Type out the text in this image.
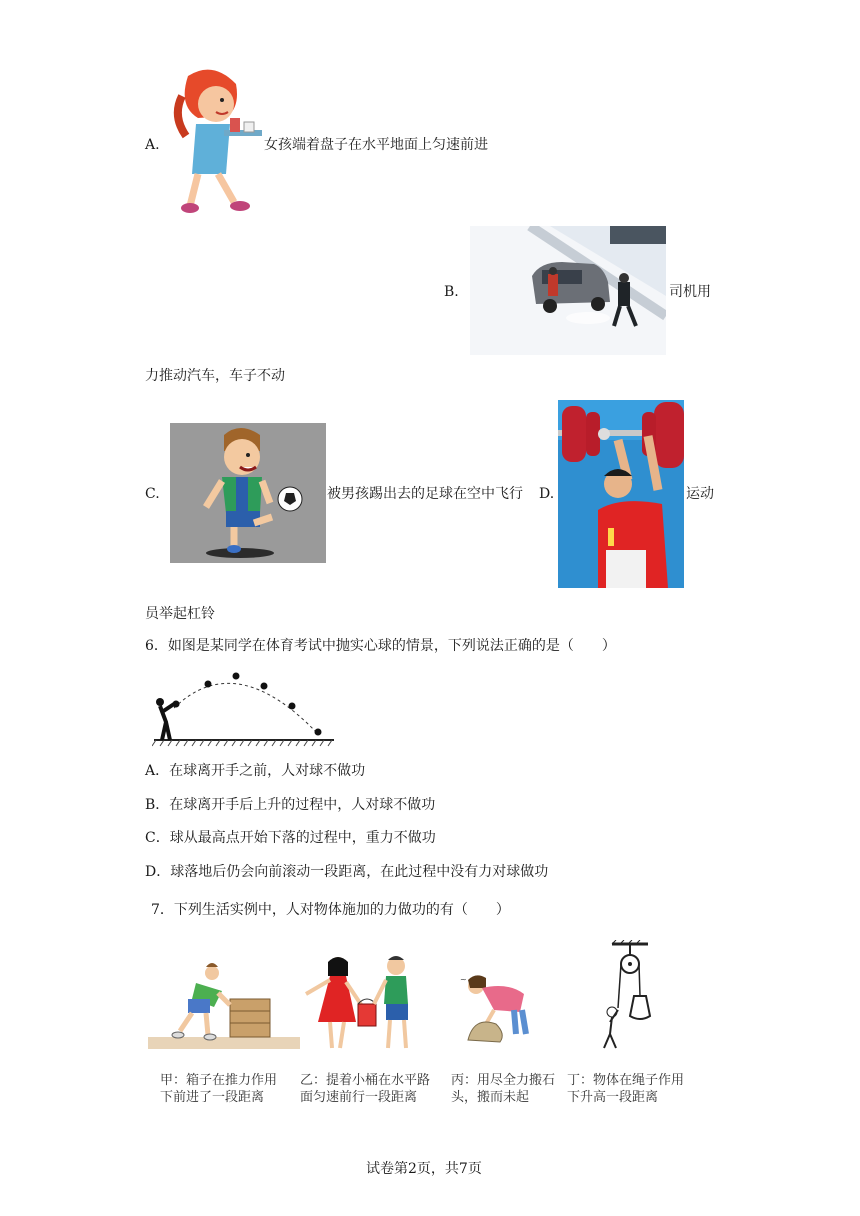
A.	女孩端着盘子在水平地面上匀速前进
B.	司机用
力推动汽车，车子不动
C.	被男孩踢出去的足球在空中飞行 D.	运动
员举起杠铃
6．如图是某同学在体育考试中抛实心球的情景，下列说法正确的是（　　）
A．在球离开手之前，人对球不做功
B．在球离开手后上升的过程中，人对球不做功
C．球从最高点开始下落的过程中，重力不做功
D．球落地后仍会向前滚动一段距离，在此过程中没有力对球做功
7．下列生活实例中，人对物体施加的力做功的有（　　）
~
甲：箱子在推力作用
下前进了一段距离
乙：提着小桶在水平路
面匀速前行一段距离
丙：用尽全力搬石
头，搬而未起
丁：物体在绳子作用
下升高一段距离
试卷第2页，共7页
